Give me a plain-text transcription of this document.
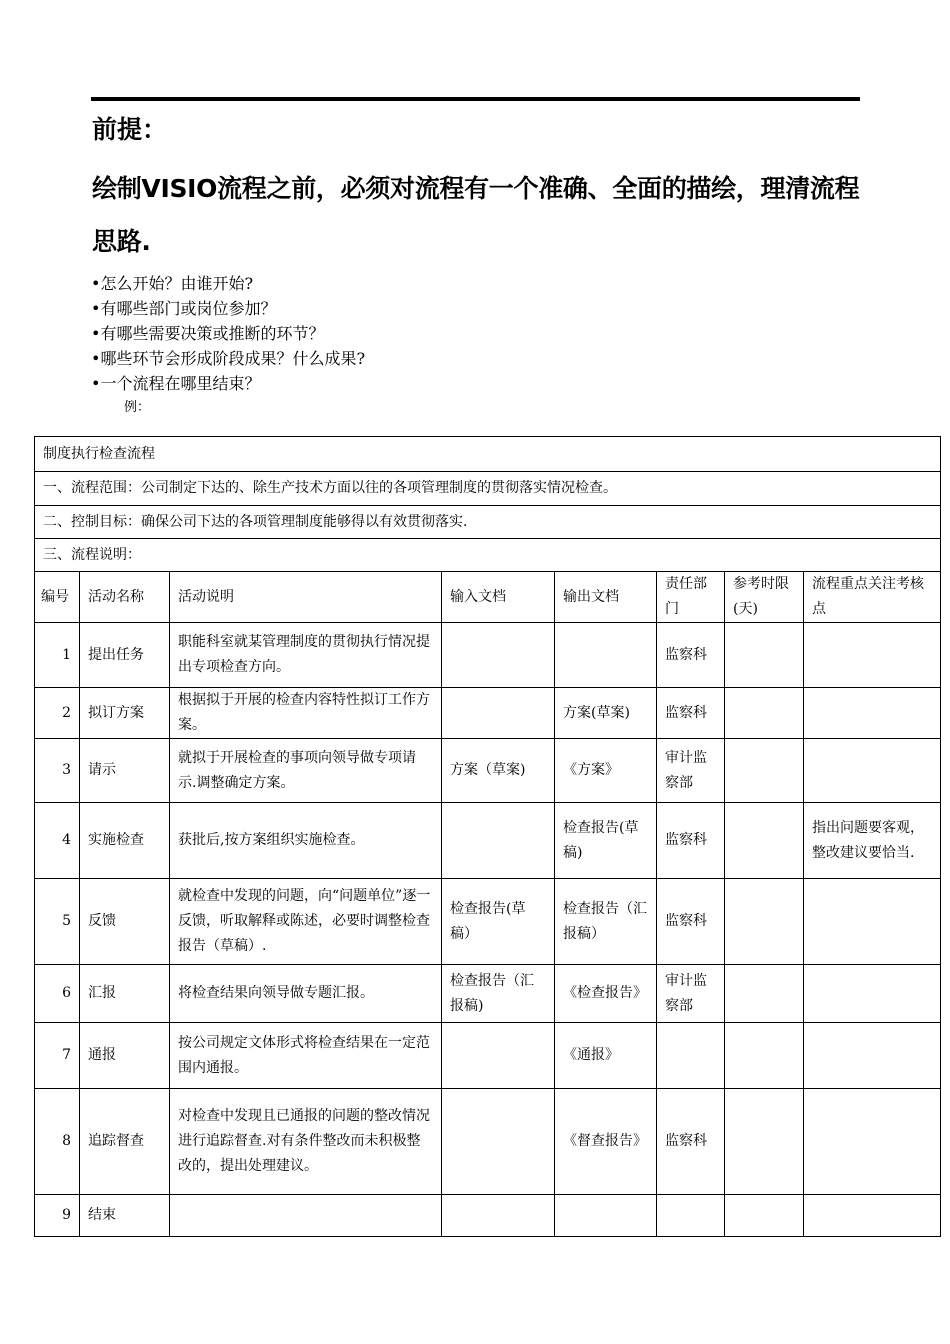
前提：
绘制VISIO流程之前，必须对流程有一个准确、全面的描绘，理清流程思路.
•怎么开始？由谁开始?
•有哪些部门或岗位参加？
•有哪些需要决策或推断的环节？
•哪些环节会形成阶段成果？什么成果?
•一个流程在哪里结束？
例：
制度执行检查流程							
一、流程范围：公司制定下达的、除生产技术方面以往的各项管理制度的贯彻落实情况检查。							
二、控制目标：确保公司下达的各项管理制度能够得以有效贯彻落实.							
三、流程说明：							
编号	活动名称	活动说明	输入文档	输出文档	责任部门	参考时限(天)	流程重点关注考核点
1	提出任务	职能科室就某管理制度的贯彻执行情况提出专项检查方向。			监察科		
2	拟订方案	根据拟于开展的检查内容特性拟订工作方案。		方案(草案)	监察科		
3	请示	就拟于开展检查的事项向领导做专项请示.调整确定方案。	方案（草案)	《方案》	审计监察部		
4	实施检查	获批后,按方案组织实施检查。		检查报告(草稿)	监察科		指出问题要客观，整改建议要恰当.
5	反馈	就检查中发现的问题，向“问题单位”逐一反馈，听取解释或陈述，必要时调整检查报告（草稿）.	检查报告(草稿）	检查报告（汇报稿）	监察科		
6	汇报	将检查结果向领导做专题汇报。	检查报告（汇报稿)	《检查报告》	审计监察部		
7	通报	按公司规定文体形式将检查结果在一定范围内通报。		《通报》			
8	追踪督查	对检查中发现且已通报的问题的整改情况进行追踪督查.对有条件整改而未积极整改的，提出处理建议。		《督查报告》	监察科		
9	结束						
